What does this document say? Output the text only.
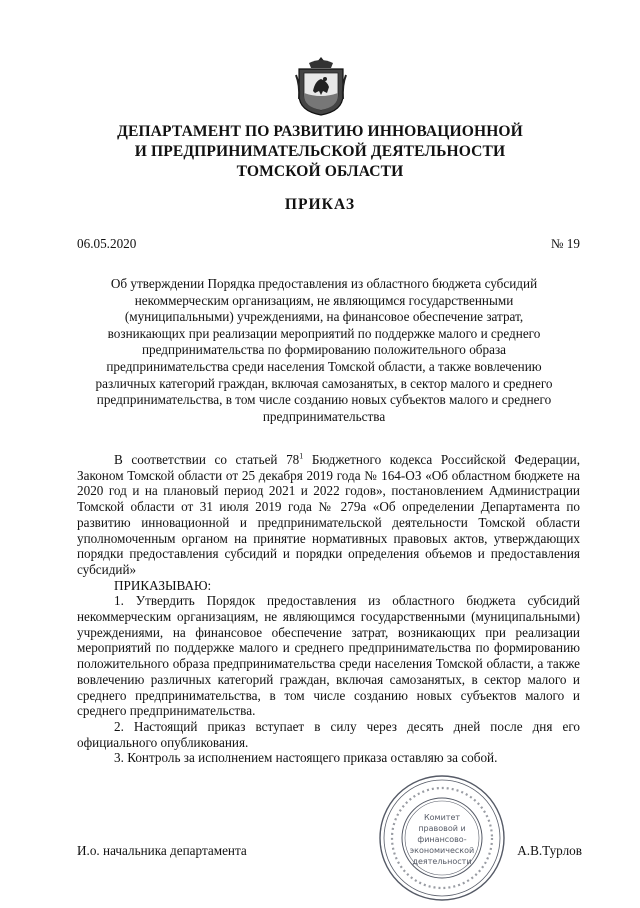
ДЕПАРТАМЕНТ ПО РАЗВИТИЮ ИННОВАЦИОННОЙ
И ПРЕДПРИНИМАТЕЛЬСКОЙ ДЕЯТЕЛЬНОСТИ
ТОМСКОЙ ОБЛАСТИ
ПРИКАЗ
06.05.2020	№ 19
Об утверждении Порядка предоставления из областного бюджета субсидий некоммерческим организациям, не являющимся государственными (муниципальными) учреждениями, на финансовое обеспечение затрат, возникающих при реализации мероприятий по поддержке малого и среднего предпринимательства по формированию положительного образа предпринимательства среди населения Томской области, а также вовлечению различных категорий граждан, включая самозанятых, в сектор малого и среднего предпринимательства, в том числе созданию новых субъектов малого и среднего предпринимательства

В соответствии со статьей $78^1$ Бюджетного кодекса Российской Федерации, Законом Томской области от 25 декабря 2019 года № 164-ОЗ «Об областном бюджете на 2020 год и на плановый период 2021 и 2022 годов», постановлением Администрации Томской области от 31 июля 2019 года № 279а «Об определении Департамента по развитию инновационной и предпринимательской деятельности Томской области уполномоченным органом на принятие нормативных правовых актов, утверждающих порядки предоставления субсидий и порядки определения объемов и предоставления субсидий»

ПРИКАЗЫВАЮ:

1. Утвердить Порядок предоставления из областного бюджета субсидий некоммерческим организациям, не являющимся государственными (муниципальными) учреждениями, на финансовое обеспечение затрат, возникающих при реализации мероприятий по поддержке малого и среднего предпринимательства по формированию положительного образа предпринимательства среди населения Томской области, а также вовлечению различных категорий граждан, включая самозанятых, в сектор малого и среднего предпринимательства, в том числе созданию новых субъектов малого и среднего предпринимательства.

2. Настоящий приказ вступает в силу через десять дней после дня его официального опубликования.

3. Контроль за исполнением настоящего приказа оставляю за собой.

Комитет
правовой и
финансово-
экономической
деятельности
И.о. начальника департамента	А.В.Турлов
